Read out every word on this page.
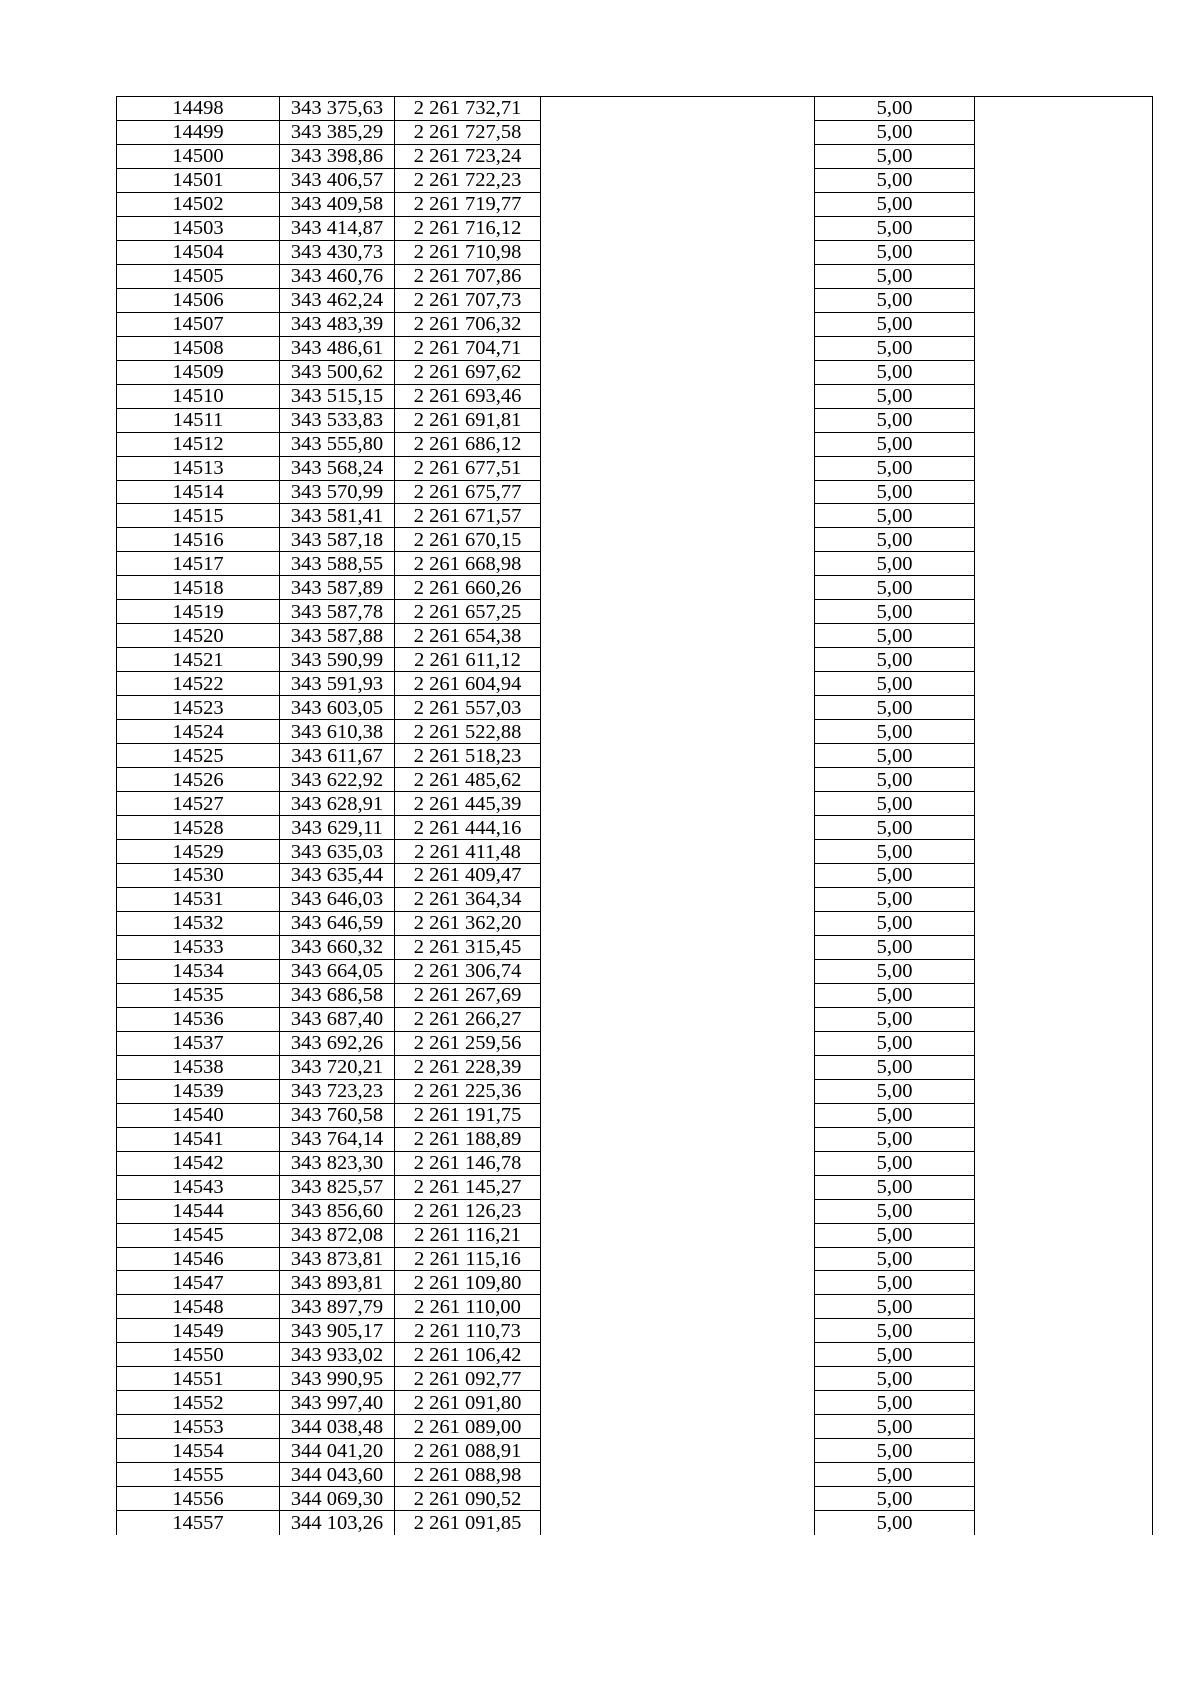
14498	343 375,63	2 261 732,71		5,00	
14499	343 385,29	2 261 727,58		5,00	
14500	343 398,86	2 261 723,24		5,00	
14501	343 406,57	2 261 722,23		5,00	
14502	343 409,58	2 261 719,77		5,00	
14503	343 414,87	2 261 716,12		5,00	
14504	343 430,73	2 261 710,98		5,00	
14505	343 460,76	2 261 707,86		5,00	
14506	343 462,24	2 261 707,73		5,00	
14507	343 483,39	2 261 706,32		5,00	
14508	343 486,61	2 261 704,71		5,00	
14509	343 500,62	2 261 697,62		5,00	
14510	343 515,15	2 261 693,46		5,00	
14511	343 533,83	2 261 691,81		5,00	
14512	343 555,80	2 261 686,12		5,00	
14513	343 568,24	2 261 677,51		5,00	
14514	343 570,99	2 261 675,77		5,00	
14515	343 581,41	2 261 671,57		5,00	
14516	343 587,18	2 261 670,15		5,00	
14517	343 588,55	2 261 668,98		5,00	
14518	343 587,89	2 261 660,26		5,00	
14519	343 587,78	2 261 657,25		5,00	
14520	343 587,88	2 261 654,38		5,00	
14521	343 590,99	2 261 611,12		5,00	
14522	343 591,93	2 261 604,94		5,00	
14523	343 603,05	2 261 557,03		5,00	
14524	343 610,38	2 261 522,88		5,00	
14525	343 611,67	2 261 518,23		5,00	
14526	343 622,92	2 261 485,62		5,00	
14527	343 628,91	2 261 445,39		5,00	
14528	343 629,11	2 261 444,16		5,00	
14529	343 635,03	2 261 411,48		5,00	
14530	343 635,44	2 261 409,47		5,00	
14531	343 646,03	2 261 364,34		5,00	
14532	343 646,59	2 261 362,20		5,00	
14533	343 660,32	2 261 315,45		5,00	
14534	343 664,05	2 261 306,74		5,00	
14535	343 686,58	2 261 267,69		5,00	
14536	343 687,40	2 261 266,27		5,00	
14537	343 692,26	2 261 259,56		5,00	
14538	343 720,21	2 261 228,39		5,00	
14539	343 723,23	2 261 225,36		5,00	
14540	343 760,58	2 261 191,75		5,00	
14541	343 764,14	2 261 188,89		5,00	
14542	343 823,30	2 261 146,78		5,00	
14543	343 825,57	2 261 145,27		5,00	
14544	343 856,60	2 261 126,23		5,00	
14545	343 872,08	2 261 116,21		5,00	
14546	343 873,81	2 261 115,16		5,00	
14547	343 893,81	2 261 109,80		5,00	
14548	343 897,79	2 261 110,00		5,00	
14549	343 905,17	2 261 110,73		5,00	
14550	343 933,02	2 261 106,42		5,00	
14551	343 990,95	2 261 092,77		5,00	
14552	343 997,40	2 261 091,80		5,00	
14553	344 038,48	2 261 089,00		5,00	
14554	344 041,20	2 261 088,91		5,00	
14555	344 043,60	2 261 088,98		5,00	
14556	344 069,30	2 261 090,52		5,00	
14557	344 103,26	2 261 091,85		5,00	
